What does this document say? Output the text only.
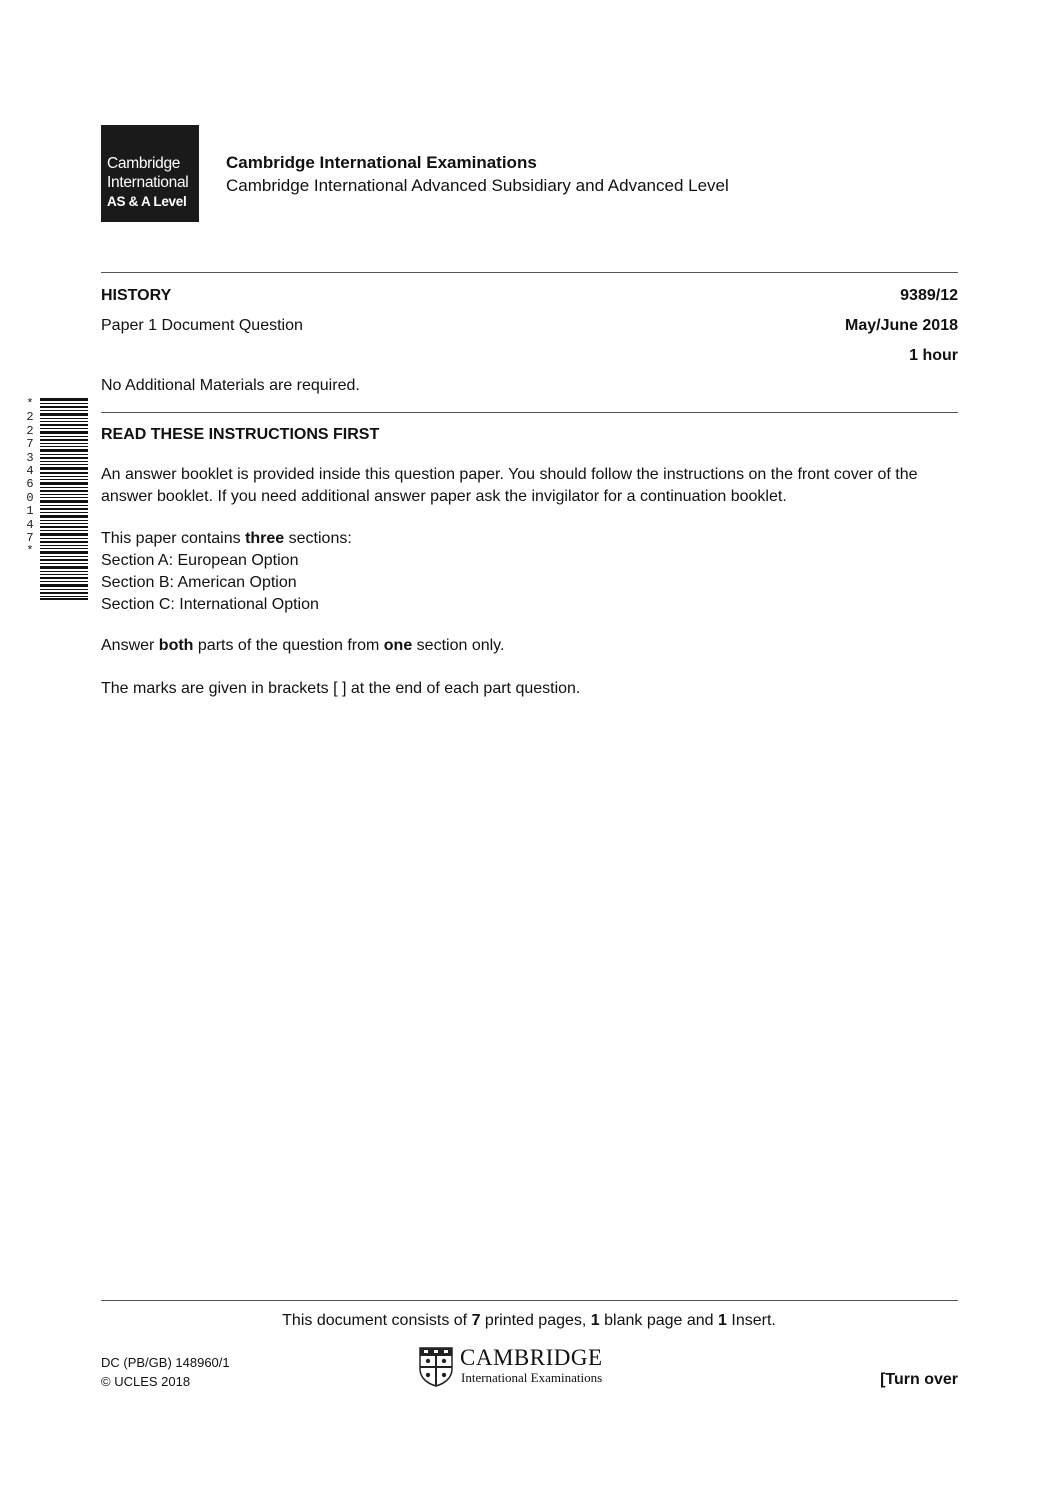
Cambridge
International
AS & A Level
Cambridge International Examinations
Cambridge International Advanced Subsidiary and Advanced Level
HISTORY	9389/12
Paper 1 Document Question	May/June 2018
1 hour
No Additional Materials are required.
*
2
2
7
3
4
6
0
1
4
7
*
READ THESE INSTRUCTIONS FIRST
An answer booklet is provided inside this question paper. You should follow the instructions on the front cover of the answer booklet. If you need additional answer paper ask the invigilator for a continuation booklet.
This paper contains three sections:
Section A: European Option
Section B: American Option
Section C: International Option
Answer both parts of the question from one section only.
The marks are given in brackets [ ] at the end of each part question.
This document consists of 7 printed pages, 1 blank page and 1 Insert.
DC (PB/GB) 148960/1
© UCLES 2018
CAMBRIDGE
International Examinations	[Turn over
